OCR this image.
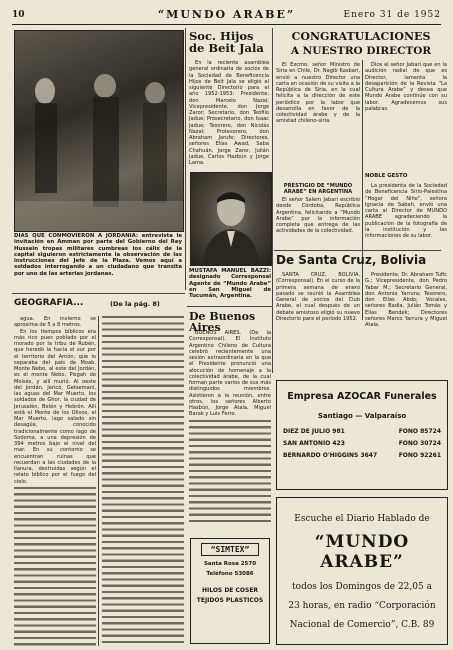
10	“MUNDO ARABE”	Enero 31 de 1952
DIAS QUE CONMOVIERON A JORDANIA: entrevista le invitación en Amman por parte del Gobierno del Rey Hussein tropas militares cumbreas los cálix de la capital siguieron estrictamente la observación de las instrucciones del Jefe de la Plaza. Vemos aquí a soldados interrogando a un ciudadano que transita por uno de las arterias jordanas.
Soc. Hijos de Beit Jala

En la reciente asamblea general ordinaria de socios de la Sociedad de Beneficencia Hijos de Beit Jala se eligió el siguiente Directorio para el año 1952-1953: Presidente, don Marcelo Nazal; Vicepresidente, don Jorge Zaror; Secretario, don Teófilo Jadue; Prosecretario, don Isaac Jadue; Tesorero, don Nicolás Nazal; Protesorero, don Abraham Jarufe; Directores, señores Elías Awad, Saba Chahuán, Jorge Zaror, Julián Jadue, Carlos Hazbún y Jorge Lama.

MUSTAFA MANUEL BAZZI: designado Corresponsal Agente de “Mundo Arabe” en San Miguel de Tucumán, Argentina.
CONGRATULACIONES
A NUESTRO DIRECTOR

El Excmo. señor Ministro de Siria en Chile, Dr. Nagib Kasbari, envió a nuestro Director una carta en ocasión de su visita a la República de Siria, en la cual felicita a la dirección de este periódico por la labor que desarrolla en favor de la colectividad árabe y de la amistad chileno-siria.

PRESTIGIO DE “MUNDO ARABE” EN ARGENTINA

El señor Salem Jabari escribió desde Córdoba, República Argentina, felicitando a “Mundo Arabe” por la información completa que entrega de las actividades de la colectividad.

Dice el señor Jabari que en la audición radial de que es Director, lamenta la desaparición de la Revista “La Cultura Arabe” y desea que Mundo Arabe continúe con su labor. Agradecemos sus palabras.

NOBLE GESTO

La presidenta de la Sociedad de Beneficencia Sirio-Palestina “Hogar del Niño”, señora Ignacia de Sabah, envió una carta al Director de MUNDO ARABE agradeciendo la publicación de la fotografía de la institución y las informaciones de su labor.

De Santa Cruz, Bolivia

SANTA CRUZ, BOLIVIA. (Corresponsal). En el curso de la primera semana de enero pasado se reunió la Asamblea General de socios del Club Arabe, el cual después de un debate amistoso eligió su nuevo Directorio para el período 1952.

Presidente, Dr. Abraham Tufic G.; Vicepresidente, don Pedro Yabar M.; Secretario General, don Antonio Yarrura; Tesorero, don Elías Abdo; Vocales, señores Badia, Julián Tomás y Elías Bendek; Directores señores Marco Yarrura y Miguel Atala.

GEOGRAFIA...	(De la pág. 8)

agua. En invierno se aproxima de 5 a 8 metros.

En los tiempos bíblicos era más rico pues poblado por el morado por la tribu de Rubén, que heredó la hacia el sur por el territorio del Arnón, que lo separaba del país de Moab. Monte Nebo, al este del Jordán, es el monte Nebo, Pisgah de Moisés, y allí murió. Al oeste del Jordán, Jericó, Getsemaní, las aguas del Mar Muerto, los soldados de Ghor, la ciudad de Jerusalén, Belén y Hebrón. Allí está el Monte de los Olivos, el Mar Muerto, lago salado sin desagüe, conocido tradicionalmente como lago de Sodoma, a una depresión de 394 metros bajo el nivel del mar. En su contorno se encuentran ruinas que recuerdan a las ciudades de la llanura, destruidas según el relato bíblico por el fuego del cielo.

De Buenos Aires

BUENOS AIRES. (De la Corresponsal). El Instituto Argentino Chileno de Cultura celebró recientemente una sesión extraordinaria en la que el Presidente pronunció una alocución de homenaje a la colectividad árabe, de la cual forman parte varios de sus más distinguidos miembros. Asistieron a la reunión, entre otros, los señores Alberto Hasbún, Jorge Atala, Miguel Barak y Luis Ferro.

“SIMTEX”
Santa Rosa 2570
Teléfono 53086
HILOS DE COSER
TEJIDOS PLASTICOS
Empresa AZOCAR Funerales
Santiago — Valparaíso
DIEZ DE JULIO 981	FONO 85724
SAN ANTONIO 423	FONO 30724
BERNARDO O'HIGGINS 3647	FONO 92261
Escuche el Diario Hablado de
“MUNDO ARABE”
todos los Domingos de 22,05 a
23 horas, en radio “Corporación
Nacional de Comercio”, C.B. 89
